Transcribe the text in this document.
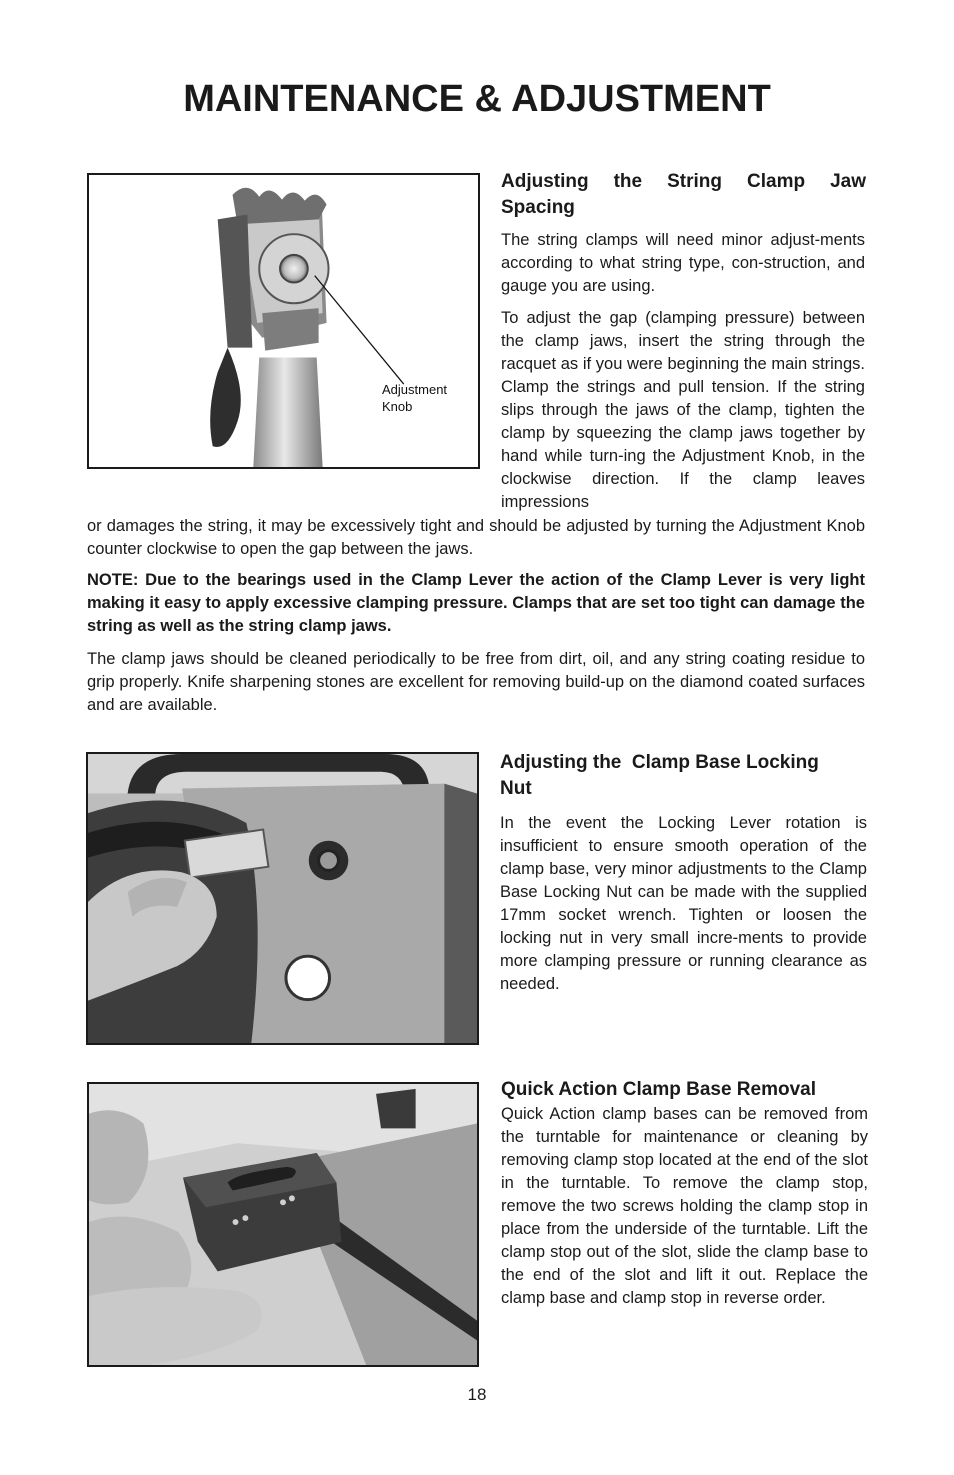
MAINTENANCE & ADJUSTMENT
Adjustment
Knob
Adjusting the String Clamp Jaw
Spacing

The string clamps will need minor adjust-ments according to what string type, con-struction, and gauge you are using.

To adjust the gap (clamping pressure) between the clamp jaws, insert the string through the racquet as if you were beginning the main strings. Clamp the strings and pull tension. If the string slips through the jaws of the clamp, tighten the clamp by squeezing the clamp jaws together by hand while turn-ing the Adjustment Knob, in the clockwise direction. If the clamp leaves impressions

or damages the string, it may be excessively tight and should be adjusted by turning the Adjustment Knob counter clockwise to open the gap between the jaws.

NOTE: Due to the bearings used in the Clamp Lever the action of the Clamp Lever is very light making it easy to apply excessive clamping pressure. Clamps that are set too tight can damage the string as well as the string clamp jaws.

The clamp jaws should be cleaned periodically to be free from dirt, oil, and any string coating residue to grip properly. Knife sharpening stones are excellent for removing build-up on the diamond coated surfaces and are available.

Adjusting the  Clamp Base Locking
Nut

In the event the Locking Lever rotation is insufficient to ensure smooth operation of the clamp base, very minor adjustments to the Clamp Base Locking Nut can be made with the supplied 17mm socket wrench. Tighten or loosen the locking nut in very small incre-ments to provide more clamping pressure or running clearance as needed.

Quick Action Clamp Base Removal

Quick Action clamp bases can be removed from the turntable for maintenance or cleaning by removing clamp stop located at the end of the slot in the turntable. To remove the clamp stop, remove the two screws holding the clamp stop in place from the underside of the turntable. Lift the clamp stop out of the slot, slide the clamp base to the end of the slot and lift it out. Replace the clamp base and clamp stop in reverse order.

18
